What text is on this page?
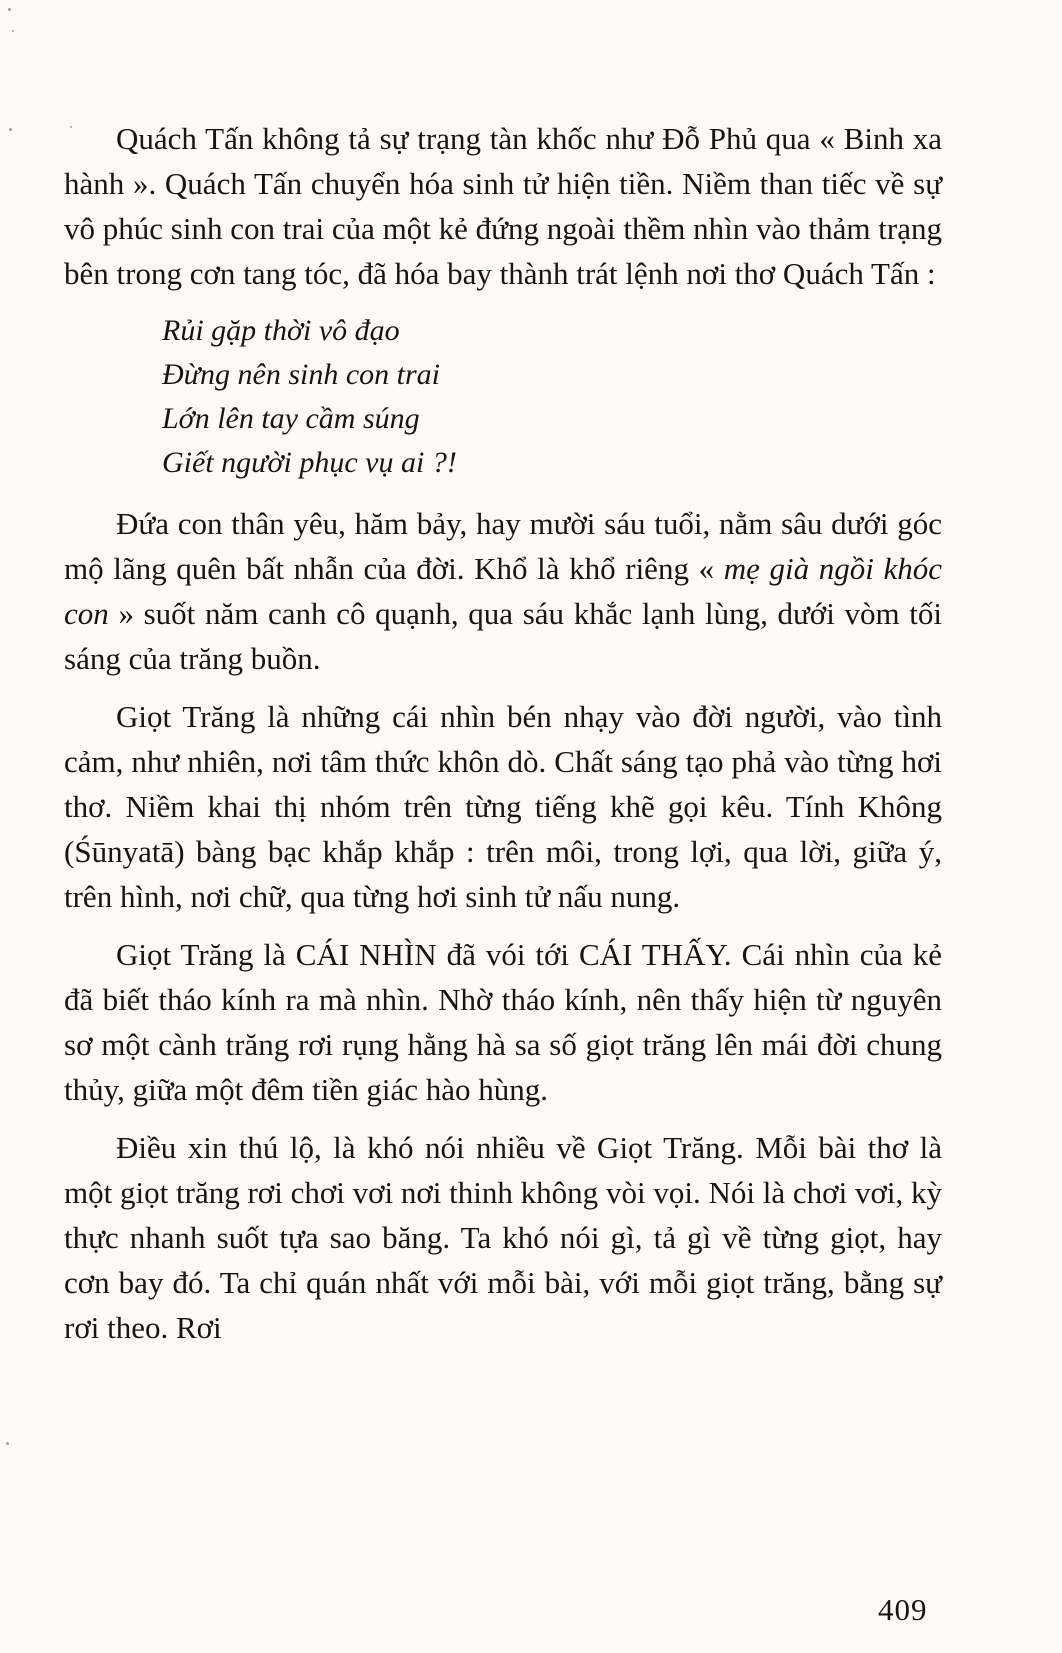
Quách Tấn không tả sự trạng tàn khốc như Đỗ Phủ qua « Binh xa hành ». Quách Tấn chuyển hóa sinh tử hiện tiền. Niềm than tiếc về sự vô phúc sinh con trai của một kẻ đứng ngoài thềm nhìn vào thảm trạng bên trong cơn tang tóc, đã hóa bay thành trát lệnh nơi thơ Quách Tấn :

Rủi gặp thời vô đạo
Đừng nên sinh con trai
Lớn lên tay cầm súng
Giết người phục vụ ai ?!

Đứa con thân yêu, hăm bảy, hay mười sáu tuổi, nằm sâu dưới góc mộ lãng quên bất nhẫn của đời. Khổ là khổ riêng « mẹ già ngồi khóc con » suốt năm canh cô quạnh, qua sáu khắc lạnh lùng, dưới vòm tối sáng của trăng buồn.

Giọt Trăng là những cái nhìn bén nhạy vào đời người, vào tình cảm, như nhiên, nơi tâm thức khôn dò. Chất sáng tạo phả vào từng hơi thơ. Niềm khai thị nhóm trên từng tiếng khẽ gọi kêu. Tính Không (Śūnyatā) bàng bạc khắp khắp : trên môi, trong lợi, qua lời, giữa ý, trên hình, nơi chữ, qua từng hơi sinh tử nấu nung.

Giọt Trăng là CÁI NHÌN đã vói tới CÁI THẤY. Cái nhìn của kẻ đã biết tháo kính ra mà nhìn. Nhờ tháo kính, nên thấy hiện từ nguyên sơ một cành trăng rơi rụng hằng hà sa số giọt trăng lên mái đời chung thủy, giữa một đêm tiền giác hào hùng.

Điều xin thú lộ, là khó nói nhiều về Giọt Trăng. Mỗi bài thơ là một giọt trăng rơi chơi vơi nơi thinh không vòi vọi. Nói là chơi vơi, kỳ thực nhanh suốt tựa sao băng. Ta khó nói gì, tả gì về từng giọt, hay cơn bay đó. Ta chỉ quán nhất với mỗi bài, với mỗi giọt trăng, bằng sự rơi theo. Rơi

409
